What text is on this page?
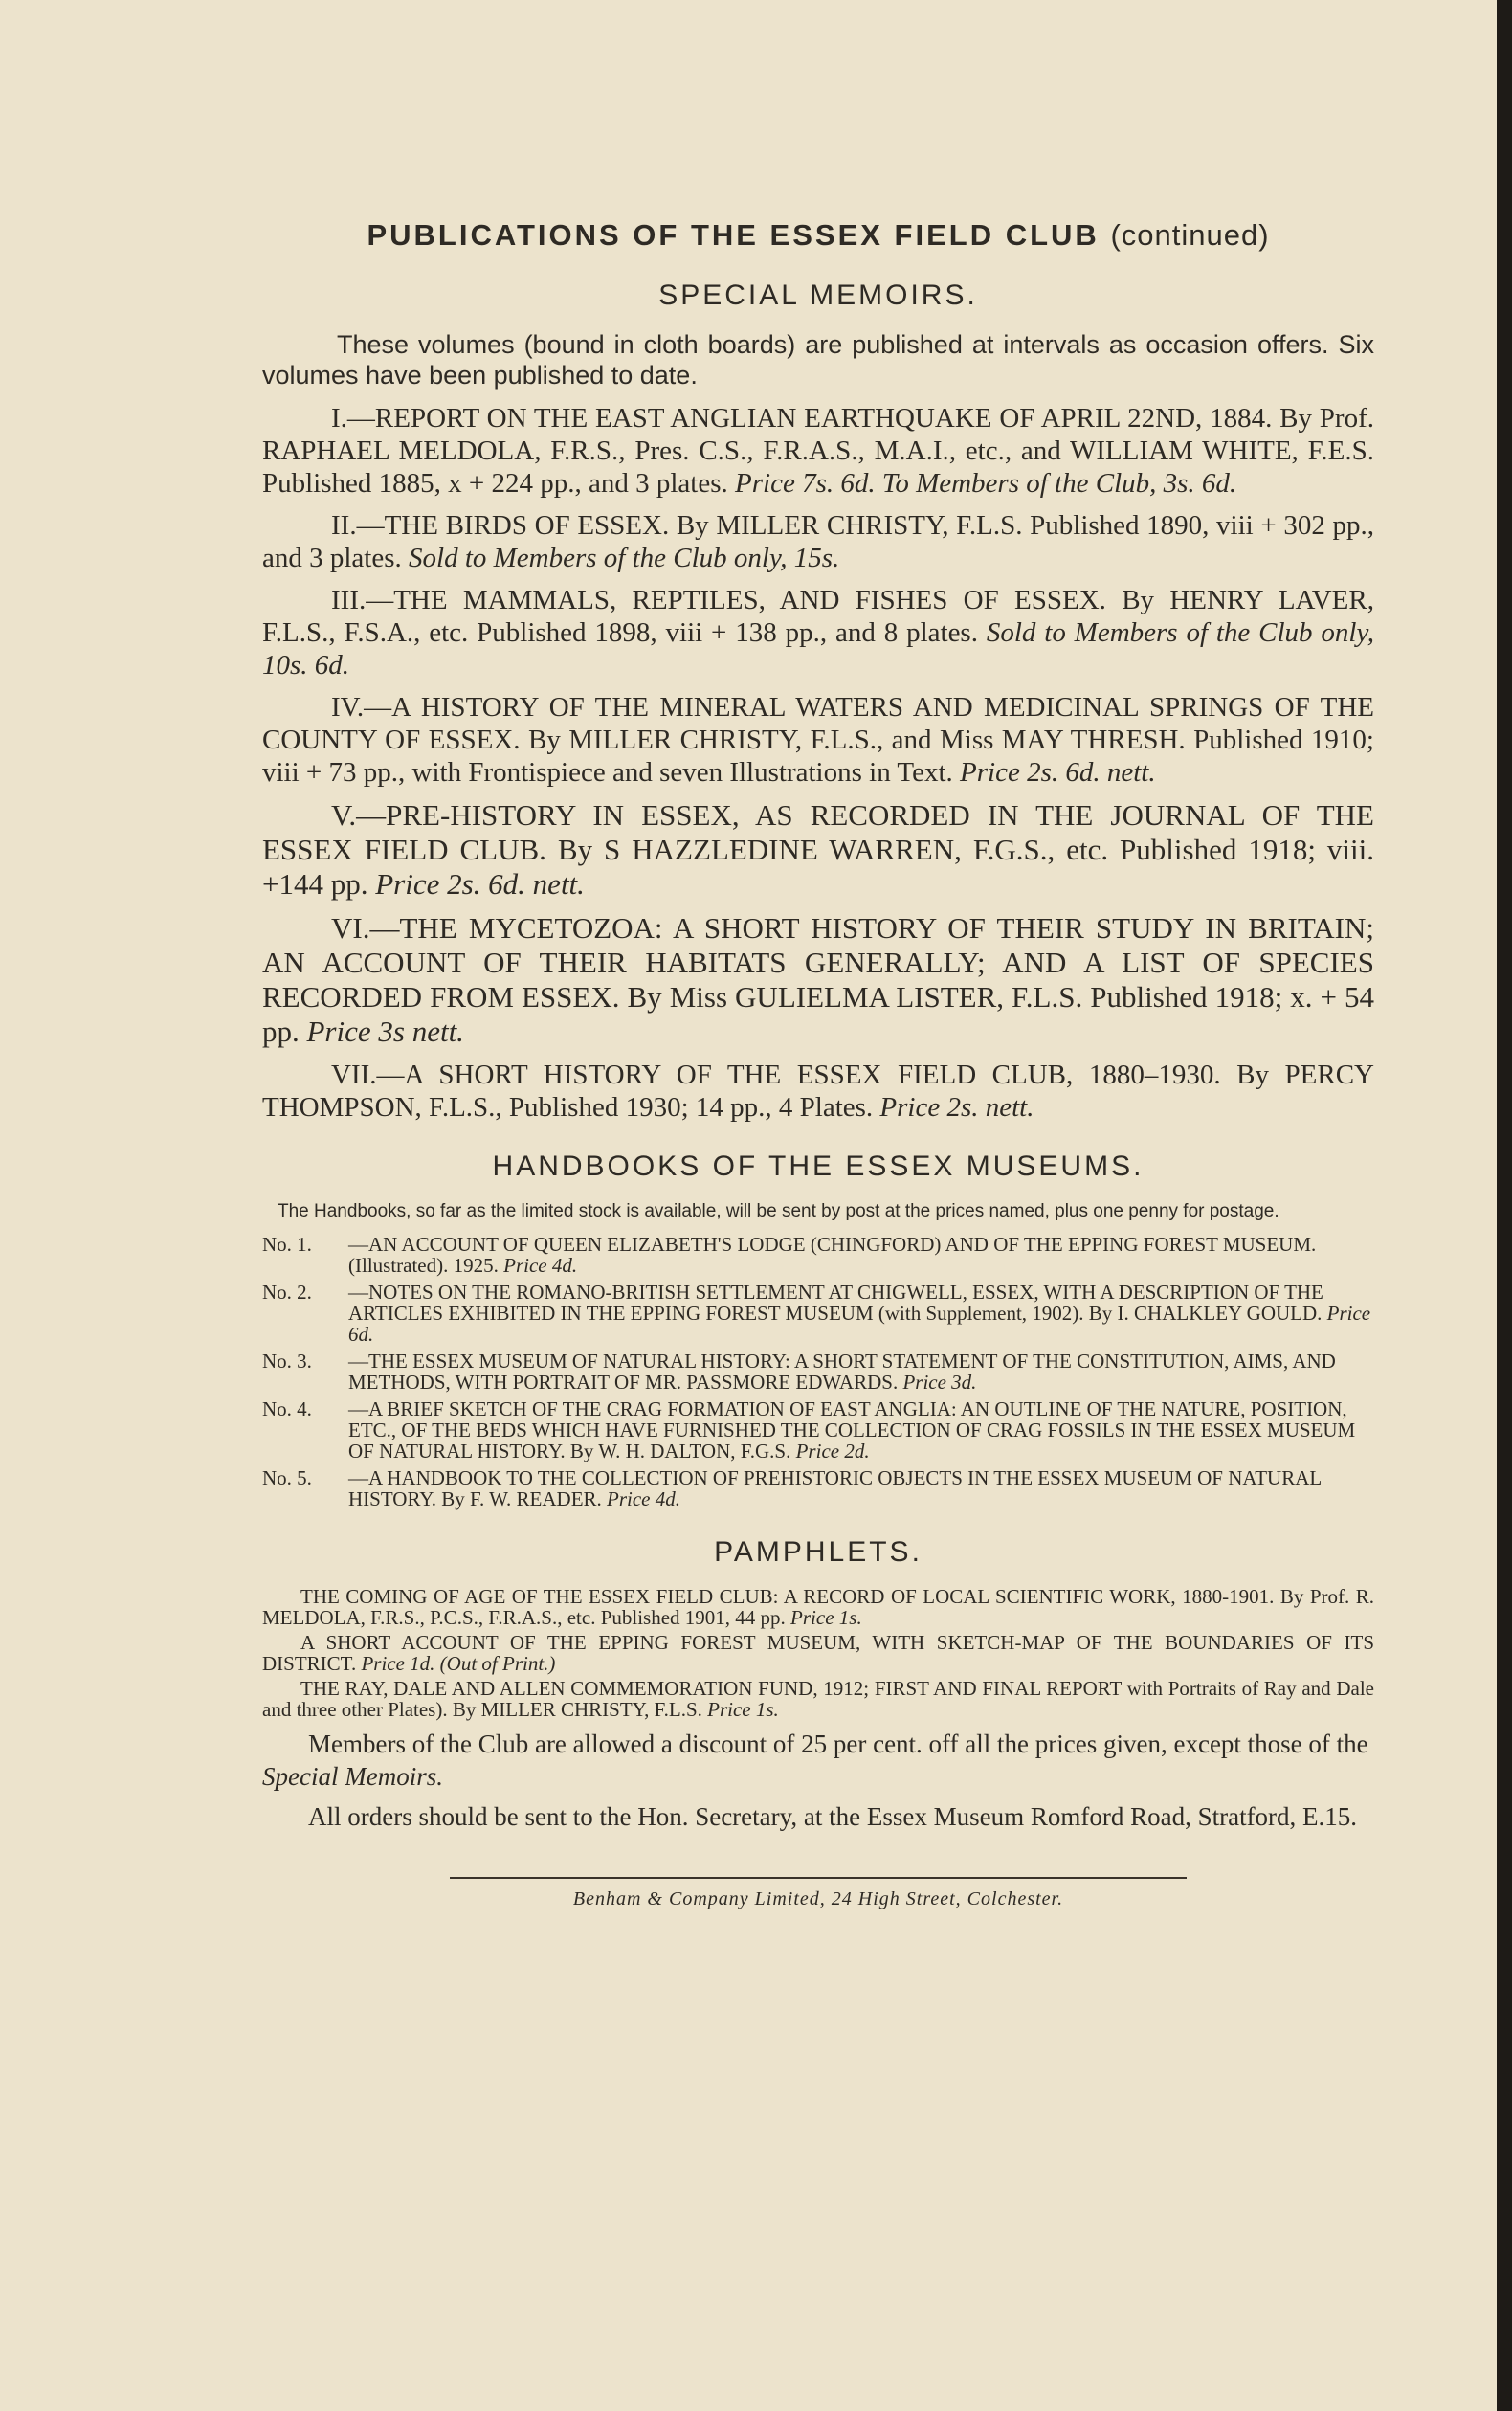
PUBLICATIONS OF THE ESSEX FIELD CLUB (continued)

SPECIAL MEMOIRS.

These volumes (bound in cloth boards) are published at intervals as occasion offers. Six volumes have been published to date.

I.—REPORT ON THE EAST ANGLIAN EARTHQUAKE OF APRIL 22ND, 1884. By Prof. RAPHAEL MELDOLA, F.R.S., Pres. C.S., F.R.A.S., M.A.I., etc., and WILLIAM WHITE, F.E.S. Published 1885, x + 224 pp., and 3 plates. Price 7s. 6d. To Members of the Club, 3s. 6d.

II.—THE BIRDS OF ESSEX. By MILLER CHRISTY, F.L.S. Published 1890, viii + 302 pp., and 3 plates. Sold to Members of the Club only, 15s.

III.—THE MAMMALS, REPTILES, AND FISHES OF ESSEX. By HENRY LAVER, F.L.S., F.S.A., etc. Published 1898, viii + 138 pp., and 8 plates. Sold to Members of the Club only, 10s. 6d.

IV.—A HISTORY OF THE MINERAL WATERS AND MEDICINAL SPRINGS OF THE COUNTY OF ESSEX. By MILLER CHRISTY, F.L.S., and Miss MAY THRESH. Published 1910; viii + 73 pp., with Frontispiece and seven Illustrations in Text. Price 2s. 6d. nett.

V.—PRE-HISTORY IN ESSEX, AS RECORDED IN THE JOURNAL OF THE ESSEX FIELD CLUB. By S HAZZLEDINE WARREN, F.G.S., etc. Published 1918; viii. +144 pp. Price 2s. 6d. nett.

VI.—THE MYCETOZOA: A SHORT HISTORY OF THEIR STUDY IN BRITAIN; AN ACCOUNT OF THEIR HABITATS GENERALLY; AND A LIST OF SPECIES RECORDED FROM ESSEX. By Miss GULIELMA LISTER, F.L.S. Published 1918; x. + 54 pp. Price 3s nett.

VII.—A SHORT HISTORY OF THE ESSEX FIELD CLUB, 1880–1930. By PERCY THOMPSON, F.L.S., Published 1930; 14 pp., 4 Plates. Price 2s. nett.

HANDBOOKS OF THE ESSEX MUSEUMS.

The Handbooks, so far as the limited stock is available, will be sent by post at the prices named, plus one penny for postage.

No. 1.	—AN ACCOUNT OF QUEEN ELIZABETH'S LODGE (CHINGFORD) AND OF THE EPPING FOREST MUSEUM. (Illustrated). 1925. Price 4d.
No. 2.	—NOTES ON THE ROMANO-BRITISH SETTLEMENT AT CHIGWELL, ESSEX, WITH A DESCRIPTION OF THE ARTICLES EXHIBITED IN THE EPPING FOREST MUSEUM (with Supplement, 1902). By I. CHALKLEY GOULD. Price 6d.
No. 3.	—THE ESSEX MUSEUM OF NATURAL HISTORY: A SHORT STATEMENT OF THE CONSTITUTION, AIMS, AND METHODS, WITH PORTRAIT OF MR. PASSMORE EDWARDS. Price 3d.
No. 4.	—A BRIEF SKETCH OF THE CRAG FORMATION OF EAST ANGLIA: AN OUTLINE OF THE NATURE, POSITION, ETC., OF THE BEDS WHICH HAVE FURNISHED THE COLLECTION OF CRAG FOSSILS IN THE ESSEX MUSEUM OF NATURAL HISTORY. By W. H. DALTON, F.G.S. Price 2d.
No. 5.	—A HANDBOOK TO THE COLLECTION OF PREHISTORIC OBJECTS IN THE ESSEX MUSEUM OF NATURAL HISTORY. By F. W. READER. Price 4d.
PAMPHLETS.

THE COMING OF AGE OF THE ESSEX FIELD CLUB: A RECORD OF LOCAL SCIENTIFIC WORK, 1880-1901. By Prof. R. MELDOLA, F.R.S., P.C.S., F.R.A.S., etc. Published 1901, 44 pp. Price 1s.

A SHORT ACCOUNT OF THE EPPING FOREST MUSEUM, WITH SKETCH-MAP OF THE BOUNDARIES OF ITS DISTRICT. Price 1d. (Out of Print.)

THE RAY, DALE AND ALLEN COMMEMORATION FUND, 1912; FIRST AND FINAL REPORT with Portraits of Ray and Dale and three other Plates). By MILLER CHRISTY, F.L.S. Price 1s.

Members of the Club are allowed a discount of 25 per cent. off all the prices given, except those of the Special Memoirs.

All orders should be sent to the Hon. Secretary, at the Essex Museum Romford Road, Stratford, E.15.

Benham & Company Limited, 24 High Street, Colchester.
